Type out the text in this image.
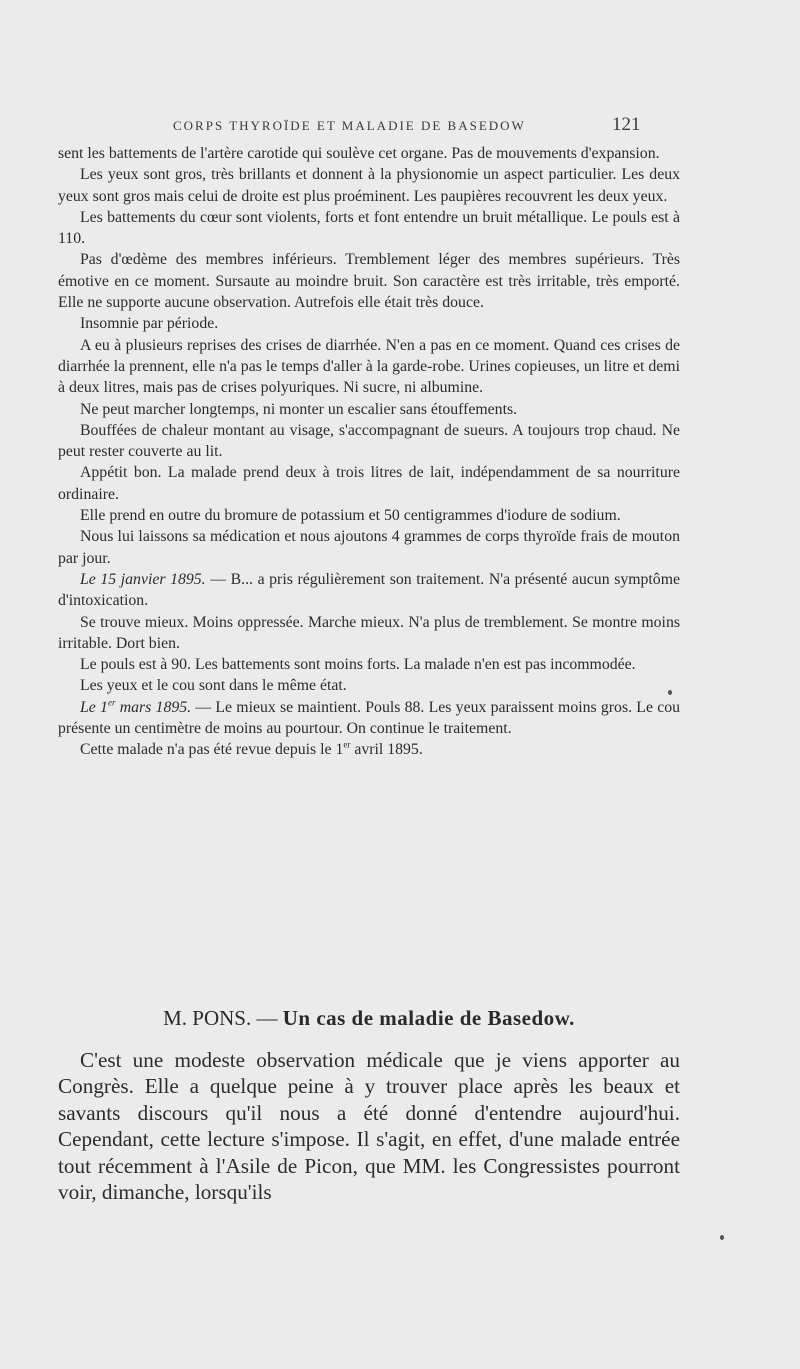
CORPS THYROÏDE ET MALADIE DE BASEDOW	121

sent les battements de l'artère carotide qui soulève cet organe. Pas de mouvements d'expansion.

Les yeux sont gros, très brillants et donnent à la physionomie un aspect particulier. Les deux yeux sont gros mais celui de droite est plus proéminent. Les paupières recouvrent les deux yeux.

Les battements du cœur sont violents, forts et font entendre un bruit métallique. Le pouls est à 110.

Pas d'œdème des membres inférieurs. Tremblement léger des membres supérieurs. Très émotive en ce moment. Sursaute au moindre bruit. Son caractère est très irritable, très emporté. Elle ne supporte aucune observation. Autrefois elle était très douce.

Insomnie par période.

A eu à plusieurs reprises des crises de diarrhée. N'en a pas en ce moment. Quand ces crises de diarrhée la prennent, elle n'a pas le temps d'aller à la garde-robe. Urines copieuses, un litre et demi à deux litres, mais pas de crises polyuriques. Ni sucre, ni albumine.

Ne peut marcher longtemps, ni monter un escalier sans étouffements.

Bouffées de chaleur montant au visage, s'accompagnant de sueurs. A toujours trop chaud. Ne peut rester couverte au lit.

Appétit bon. La malade prend deux à trois litres de lait, indépendamment de sa nourriture ordinaire.

Elle prend en outre du bromure de potassium et 50 centigrammes d'iodure de sodium.

Nous lui laissons sa médication et nous ajoutons 4 grammes de corps thyroïde frais de mouton par jour.

Le 15 janvier 1895. — B... a pris régulièrement son traitement. N'a présenté aucun symptôme d'intoxication.

Se trouve mieux. Moins oppressée. Marche mieux. N'a plus de tremblement. Se montre moins irritable. Dort bien.

Le pouls est à 90. Les battements sont moins forts. La malade n'en est pas incommodée.

Les yeux et le cou sont dans le même état.

Le 1er mars 1895. — Le mieux se maintient. Pouls 88. Les yeux paraissent moins gros. Le cou présente un centimètre de moins au pourtour. On continue le traitement.

Cette malade n'a pas été revue depuis le 1er avril 1895.

M. PONS. — Un cas de maladie de Basedow.

C'est une modeste observation médicale que je viens apporter au Congrès. Elle a quelque peine à y trouver place après les beaux et savants discours qu'il nous a été donné d'entendre aujourd'hui. Cependant, cette lecture s'impose. Il s'agit, en effet, d'une malade entrée tout récemment à l'Asile de Picon, que MM. les Congressistes pourront voir, dimanche, lorsqu'ils
